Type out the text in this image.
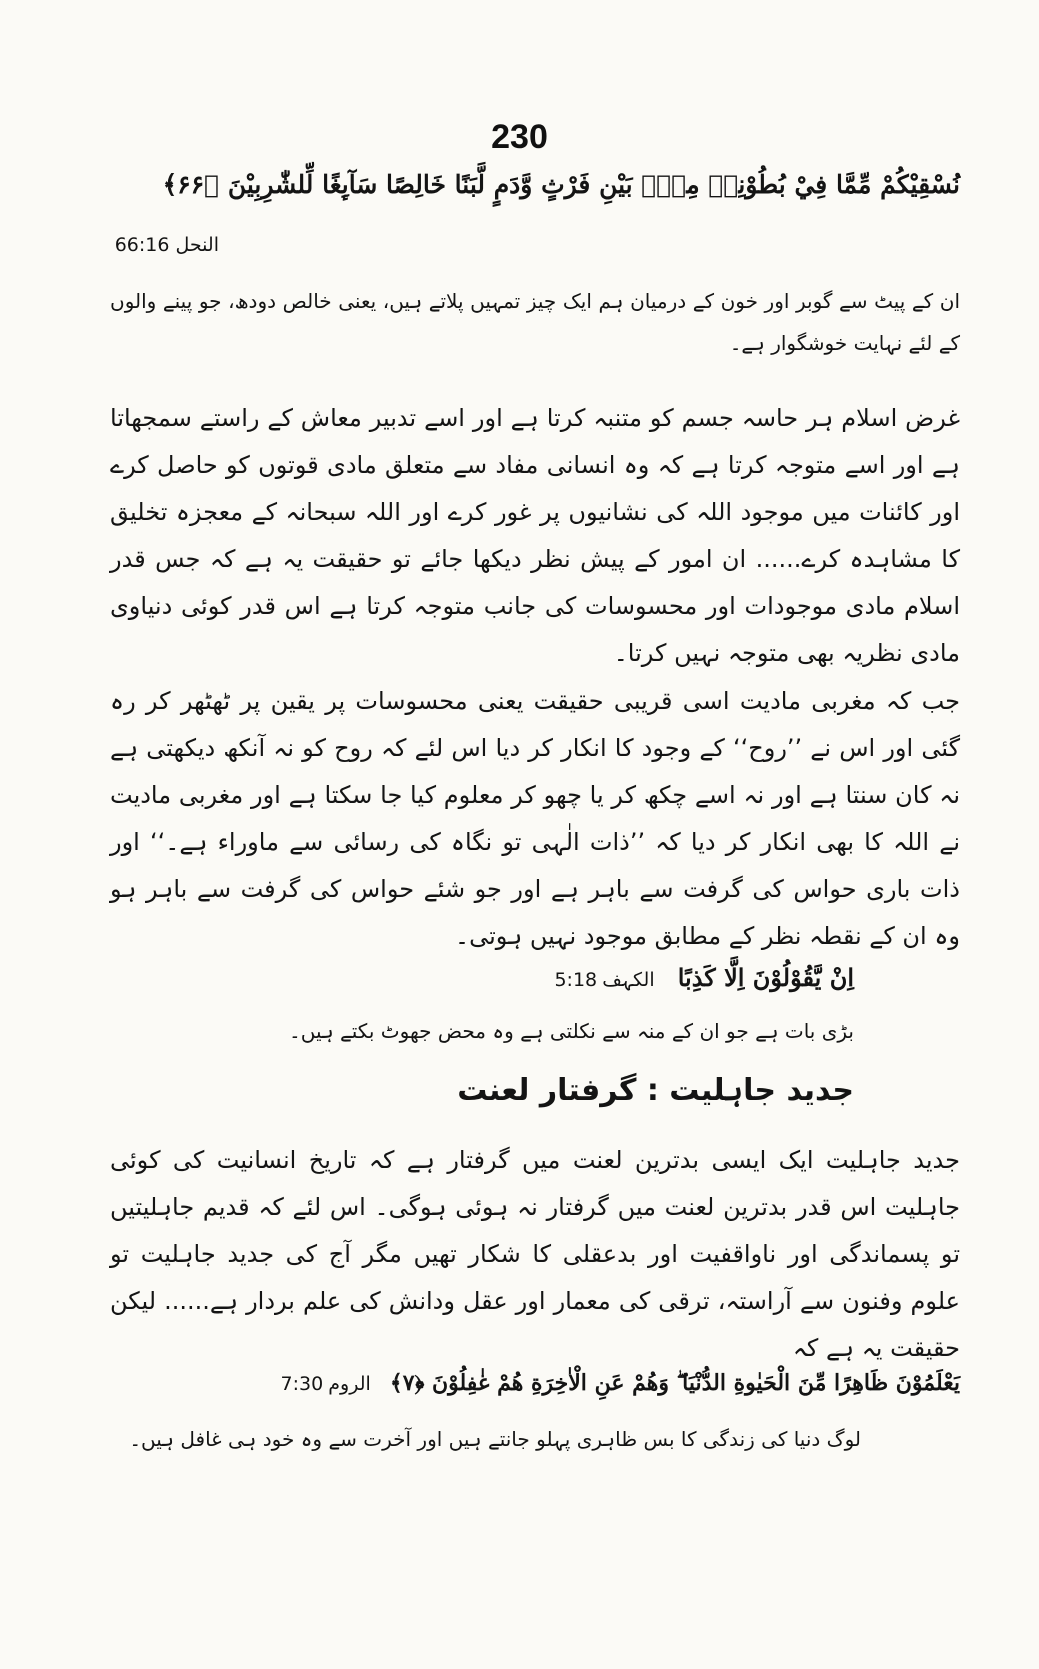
230
نُسْقِيْكُمْ مِّمَّا فِيْ بُطُوْنِهٖ مِنْۢ بَيْنِ فَرْثٍ وَّدَمٍ لَّبَنًا خَالِصًا سَآىِٕغًا لِّلشّٰرِبِيْنَ ﴿۶۶﴾
النحل 66:16
ان کے پیٹ سے گوبر اور خون کے درمیان ہم ایک چیز تمہیں پلاتے ہیں، یعنی خالص دودھ، جو پینے والوں کے لئے نہایت خوشگوار ہے۔
غرض اسلام ہر حاسہ جسم کو متنبہ کرتا ہے اور اسے تدبیر معاش کے راستے سمجھاتا ہے اور اسے متوجہ کرتا ہے کہ وہ انسانی مفاد سے متعلق مادی قوتوں کو حاصل کرے اور کائنات میں موجود اللہ کی نشانیوں پر غور کرے اور اللہ سبحانہ کے معجزہ تخلیق کا مشاہدہ کرے...... ان امور کے پیش نظر دیکھا جائے تو حقیقت یہ ہے کہ جس قدر اسلام مادی موجودات اور محسوسات کی جانب متوجہ کرتا ہے اس قدر کوئی دنیاوی مادی نظریہ بھی متوجہ نہیں کرتا۔
جب کہ مغربی مادیت اسی قریبی حقیقت یعنی محسوسات پر یقین پر ٹھٹھر کر رہ گئی اور اس نے ’’روح‘‘ کے وجود کا انکار کر دیا اس لئے کہ روح کو نہ آنکھ دیکھتی ہے نہ کان سنتا ہے اور نہ اسے چکھ کر یا چھو کر معلوم کیا جا سکتا ہے اور مغربی مادیت نے اللہ کا بھی انکار کر دیا کہ ’’ذات الٰہی تو نگاہ کی رسائی سے ماوراء ہے۔‘‘ اور ذات باری حواس کی گرفت سے باہر ہے اور جو شئے حواس کی گرفت سے باہر ہو وہ ان کے نقطہ نظر کے مطابق موجود نہیں ہوتی۔
اِنْ يَّقُوْلُوْنَ اِلَّا كَذِبًا الکہف 5:18
بڑی بات ہے جو ان کے منہ سے نکلتی ہے وہ محض جھوٹ بکتے ہیں۔
جدید جاہلیت : گرفتار لعنت
جدید جاہلیت ایک ایسی بدترین لعنت میں گرفتار ہے کہ تاریخ انسانیت کی کوئی جاہلیت اس قدر بدترین لعنت میں گرفتار نہ ہوئی ہوگی۔ اس لئے کہ قدیم جاہلیتیں تو پسماندگی اور ناواقفیت اور بدعقلی کا شکار تھیں مگر آج کی جدید جاہلیت تو علوم وفنون سے آراستہ، ترقی کی معمار اور عقل ودانش کی علم بردار ہے...... لیکن حقیقت یہ ہے کہ
يَعْلَمُوْنَ ظَاهِرًا مِّنَ الْحَيٰوةِ الدُّنْيَا ۖ وَهُمْ عَنِ الْاٰخِرَةِ هُمْ غٰفِلُوْنَ ﴿۷﴾ الروم 7:30
لوگ دنیا کی زندگی کا بس ظاہری پہلو جانتے ہیں اور آخرت سے وہ خود ہی غافل ہیں۔
